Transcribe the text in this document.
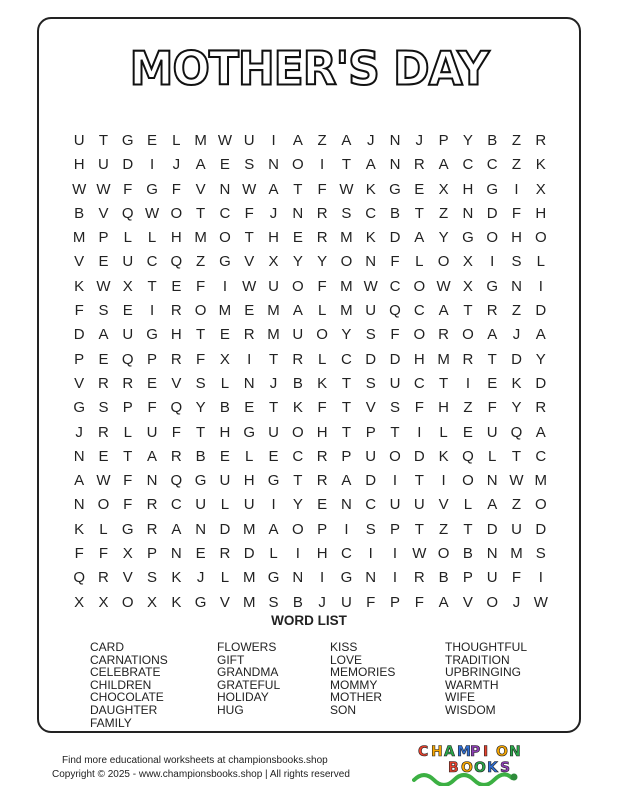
MOTHER'S DAY
U T G E	L M W U	I	A Z A	J	N	J	P Y B Z R
H U D	I	J	A E S N O	I	T A N R A C C Z K
W W F G F V N W A T	F W K G E X H G	I	X
B V Q W O T C F	J	N R S C B T	Z N D F H
M P	L	L H M O T H E R M K D A Y G O H O
V E U C Q Z G V X Y Y O N F	L O X	I	S	L
K W X T E F	I	W U O F M W C O W X G N	I
F S E	I	R O M E M A	L M U Q C A T R Z D
D A U G H T E R M U O Y S F O R O A	J	A
P E Q P R F X	I	T R L C D D H M R T D Y
V R R E V S	L N	J	B K T S U C T	I	E K D
G S P F Q Y B E T K F	T V S F H Z	F Y R
J	R L U F	T H G U O H T P T	I	L	E U Q A
N E T A R B E	L	E C R P U O D K Q L	T C
A W F N Q G U H G T R A D	I	T	I	O N W M
N O F R C U L U	I	Y E N C U U V	L	A Z O
K	L G R A N D M A O P	I	S P T	Z	T D U D
F	F X P N E R D L	I	H C	I	I	W O B N M S
Q R V S K	J	L M G N	I	G N	I	R B P U F	I
X X O X K G V M S B	J	U F P F A V O J W
WORD LIST
CARD
CARNATIONS
CELEBRATE
CHILDREN
CHOCOLATE
DAUGHTER
FAMILY
FLOWERS
GIFT
GRANDMA
GRATEFUL
HOLIDAY
HUG
KISS
LOVE
MEMORIES
MOMMY
MOTHER
SON
THOUGHTFUL
TRADITION
UPBRINGING
WARMTH
WIFE
WISDOM
Find more educational worksheets at championsbooks.shop
Copyright © 2025 - www.championsbooks.shop | All rights reserved
C H A M P I O N
B O O K S
